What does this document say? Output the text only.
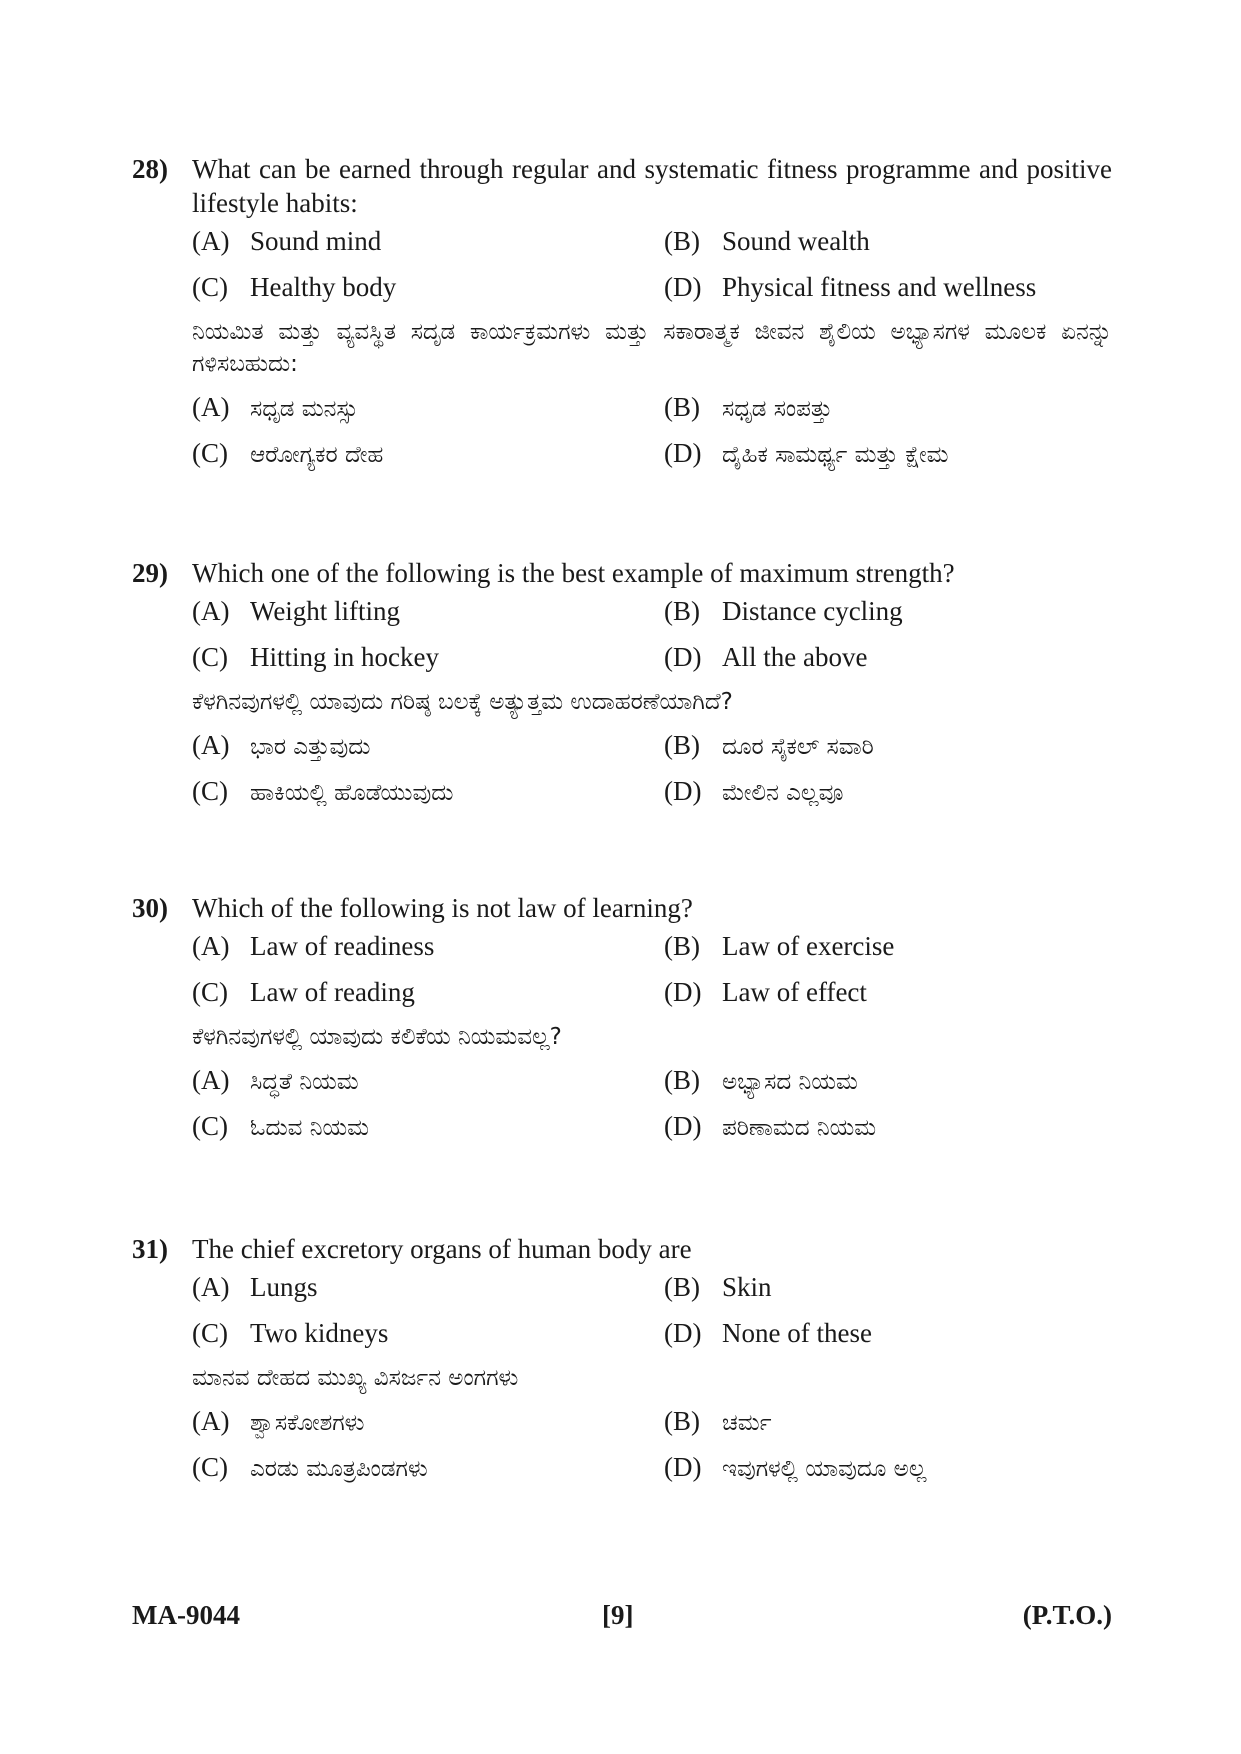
28) What can be earned through regular and systematic fitness programme and positive lifestyle habits:
(A) Sound mind	(B) Sound wealth
(C) Healthy body	(D) Physical fitness and wellness
ನಿಯಮಿತ ಮತ್ತು ವ್ಯವಸ್ಥಿತ ಸದೃಡ ಕಾರ್ಯಕ್ರಮಗಳು ಮತ್ತು ಸಕಾರಾತ್ಮಕ ಜೀವನ ಶೈಲಿಯ ಅಭ್ಯಾಸಗಳ ಮೂಲಕ ಏನನ್ನು ಗಳಿಸಬಹುದು:
(A) ಸಧೃಡ ಮನಸ್ಸು	(B) ಸಧೃಡ ಸಂಪತ್ತು
(C) ಆರೋಗ್ಯಕರ ದೇಹ	(D) ದೈಹಿಕ ಸಾಮರ್ಥ್ಯ ಮತ್ತು ಕ್ಷೇಮ
29) Which one of the following is the best example of maximum strength?
(A) Weight lifting	(B) Distance cycling
(C) Hitting in hockey	(D) All the above
ಕೆಳಗಿನವುಗಳಲ್ಲಿ ಯಾವುದು ಗರಿಷ್ಠ ಬಲಕ್ಕೆ ಅತ್ಯುತ್ತಮ ಉದಾಹರಣೆಯಾಗಿದೆ?
(A) ಭಾರ ಎತ್ತುವುದು	(B) ದೂರ ಸೈಕಲ್ ಸವಾರಿ
(C) ಹಾಕಿಯಲ್ಲಿ ಹೊಡೆಯುವುದು	(D) ಮೇಲಿನ ಎಲ್ಲವೂ
30) Which of the following is not law of learning?
(A) Law of readiness	(B) Law of exercise
(C) Law of reading	(D) Law of effect
ಕೆಳಗಿನವುಗಳಲ್ಲಿ ಯಾವುದು ಕಲಿಕೆಯ ನಿಯಮವಲ್ಲ?
(A) ಸಿದ್ಧತೆ ನಿಯಮ	(B) ಅಭ್ಯಾಸದ ನಿಯಮ
(C) ಓದುವ ನಿಯಮ	(D) ಪರಿಣಾಮದ ನಿಯಮ
31) The chief excretory organs of human body are
(A) Lungs	(B) Skin
(C) Two kidneys	(D) None of these
ಮಾನವ ದೇಹದ ಮುಖ್ಯ ವಿಸರ್ಜನ ಅಂಗಗಳು
(A) ಶ್ವಾಸಕೋಶಗಳು	(B) ಚರ್ಮ
(C) ಎರಡು ಮೂತ್ರಪಿಂಡಗಳು	(D) ಇವುಗಳಲ್ಲಿ ಯಾವುದೂ ಅಲ್ಲ
MA-9044	[9]	(P.T.O.)
